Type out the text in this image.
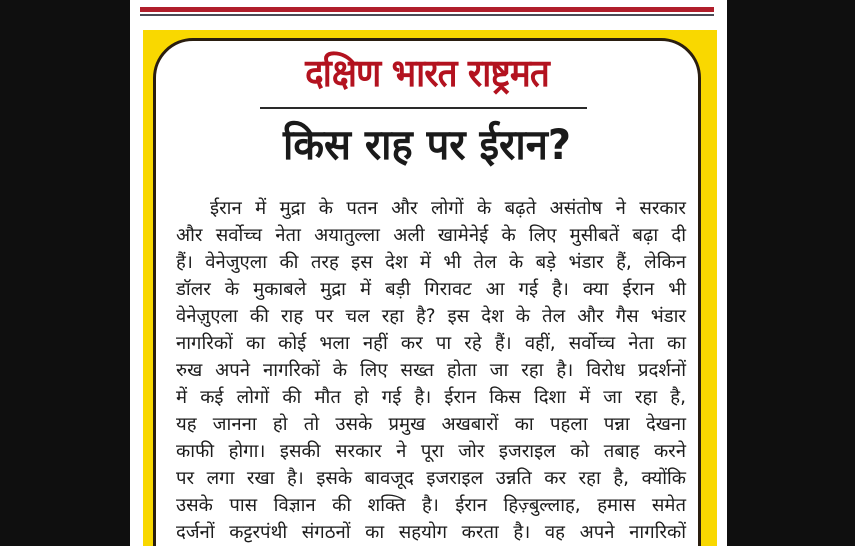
दक्षिण भारत राष्ट्रमत
किस राह पर ईरान?
ईरान में मुद्रा के पतन और लोगों के बढ़ते असंतोष ने सरकार
और सर्वोच्च नेता अयातुल्ला अली खामेनेई के लिए मुसीबतें बढ़ा दी
हैं। वेनेजुएला की तरह इस देश में भी तेल के बड़े भंडार हैं, लेकिन
डॉलर के मुकाबले मुद्रा में बड़ी गिरावट आ गई है। क्या ईरान भी
वेनेज़ुएला की राह पर चल रहा है? इस देश के तेल और गैस भंडार
नागरिकों का कोई भला नहीं कर पा रहे हैं। वहीं, सर्वोच्च नेता का
रुख अपने नागरिकों के लिए सख्त होता जा रहा है। विरोध प्रदर्शनों
में कई लोगों की मौत हो गई है। ईरान किस दिशा में जा रहा है,
यह जानना हो तो उसके प्रमुख अखबारों का पहला पन्ना देखना
काफी होगा। इसकी सरकार ने पूरा जोर इजराइल को तबाह करने
पर लगा रखा है। इसके बावजूद इजराइल उन्नति कर रहा है, क्योंकि
उसके पास विज्ञान की शक्ति है। ईरान हिज़्बुल्लाह, हमास समेत
दर्जनों कट्टरपंथी संगठनों का सहयोग करता है। वह अपने नागरिकों
